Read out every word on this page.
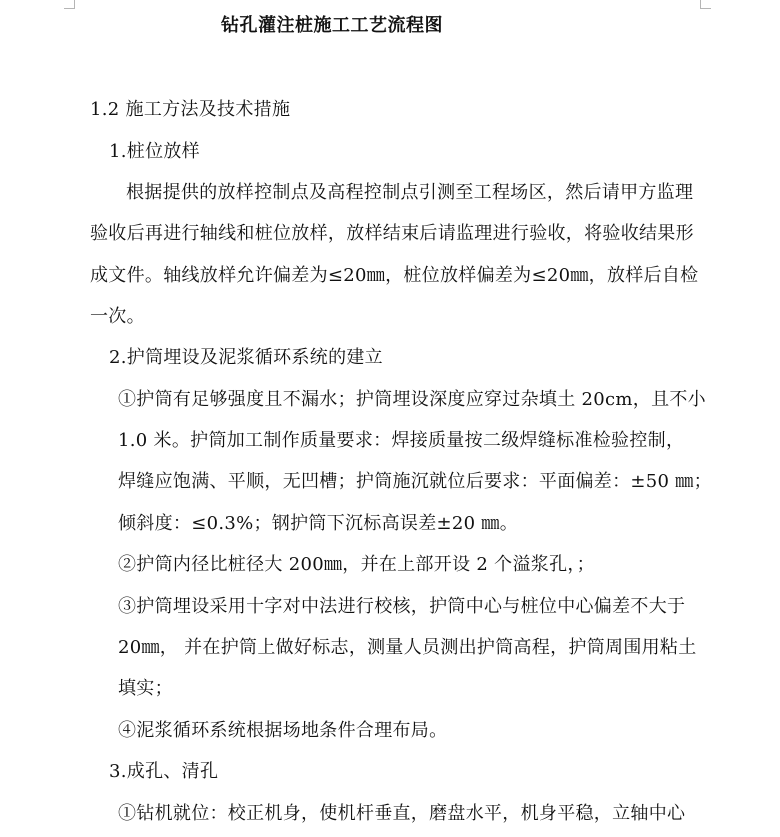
钻孔灌注桩施工工艺流程图
1.2 施工方法及技术措施
1.桩位放样
根据提供的放样控制点及高程控制点引测至工程场区，然后请甲方监理
验收后再进行轴线和桩位放样，放样结束后请监理进行验收，将验收结果形
成文件。轴线放样允许偏差为≤20㎜，桩位放样偏差为≤20㎜，放样后自检
一次。
2.护筒埋设及泥浆循环系统的建立
①护筒有足够强度且不漏水；护筒埋设深度应穿过杂填土 20cm，且不小
1.0 米。护筒加工制作质量要求：焊接质量按二级焊缝标准检验控制，
焊缝应饱满、平顺，无凹槽；护筒施沉就位后要求：平面偏差：±50 ㎜；
倾斜度：≤0.3%；钢护筒下沉标高误差±20 ㎜。
②护筒内径比桩径大 200㎜，并在上部开设 2 个溢浆孔，；
③护筒埋设采用十字对中法进行校核，护筒中心与桩位中心偏差不大于
20㎜， 并在护筒上做好标志，测量人员测出护筒高程，护筒周围用粘土
填实；
④泥浆循环系统根据场地条件合理布局。
3.成孔、清孔
①钻机就位：校正机身，使机杆垂直，磨盘水平，机身平稳，立轴中心
